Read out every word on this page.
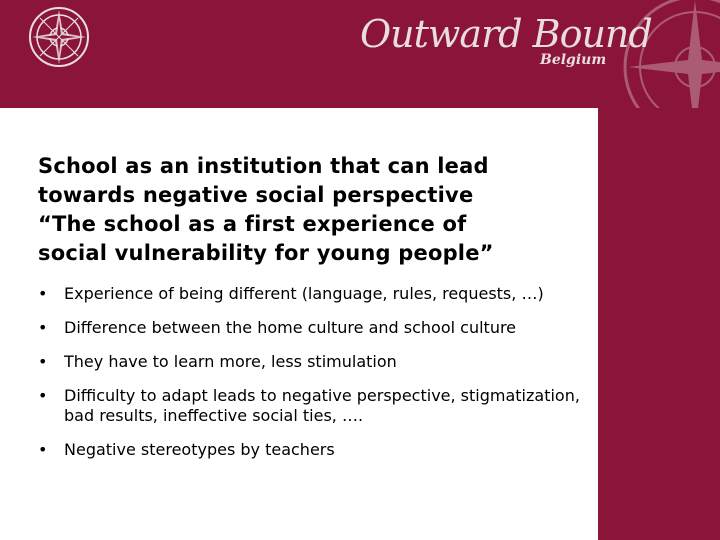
Outward Bound
Belgium
School as an institution that can lead
towards negative social perspective
“The school as a first experience of
social vulnerability for young people”
• Experience of being different (language, rules, requests, …)
• Difference between the home culture and school culture
• They have to learn more, less stimulation
• Difficulty to adapt leads to negative perspective, stigmatization, bad results, ineffective social ties, ….
• Negative stereotypes by teachers
